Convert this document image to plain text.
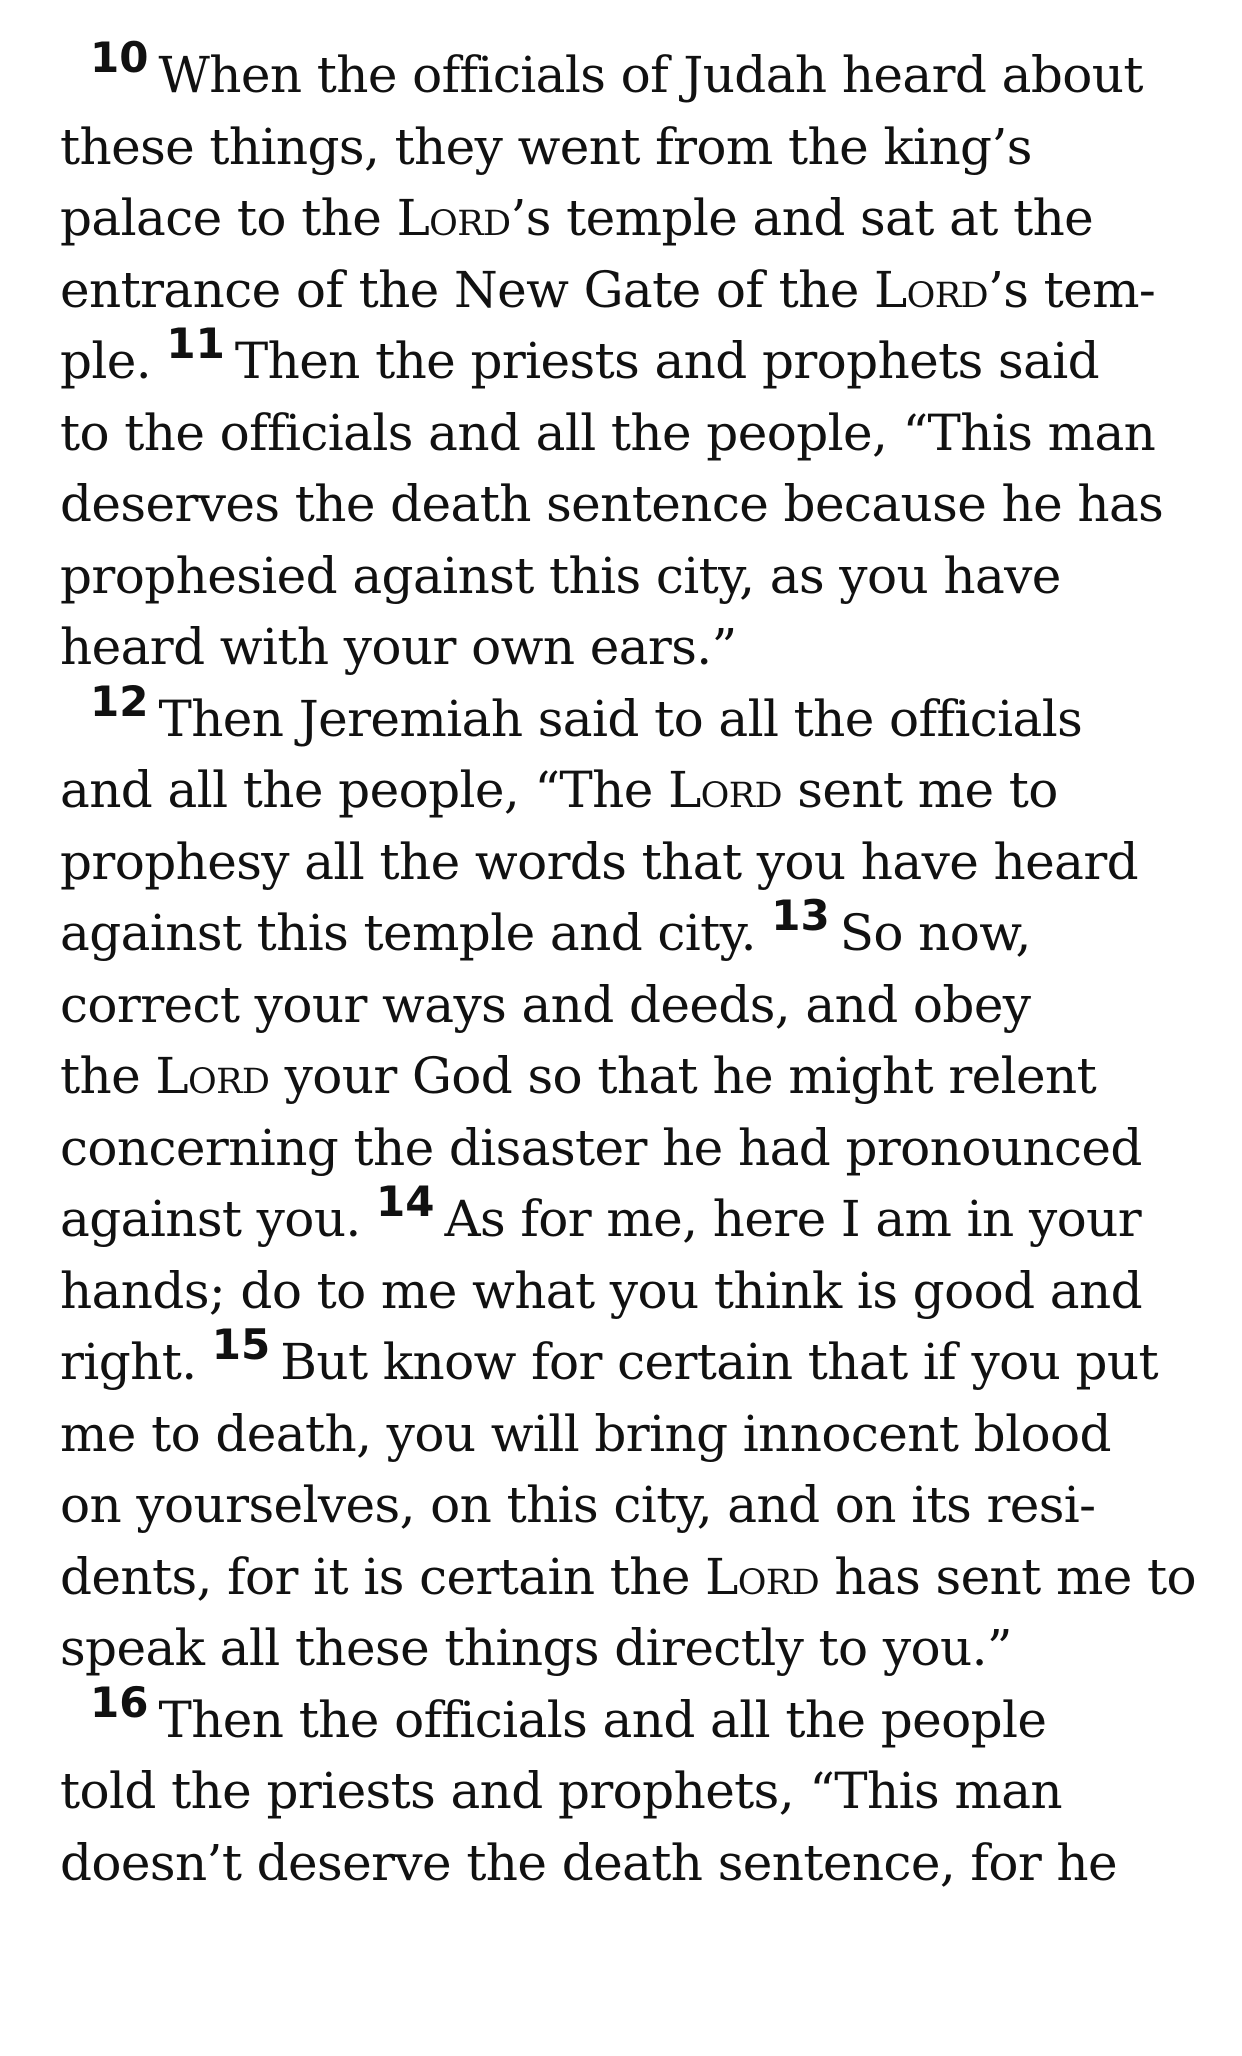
$^{10}$ When the officials of Judah heard about
these things, they went from the king’s
palace to the Lord’s temple and sat at the
entrance of the New Gate of the Lord’s tem-
ple. $^{11}$ Then the priests and prophets said
to the officials and all the people, “This man
deserves the death sentence because he has
prophesied against this city, as you have
heard with your own ears.”
$^{12}$ Then Jeremiah said to all the officials
and all the people, “The Lord sent me to
prophesy all the words that you have heard
against this temple and city. $^{13}$ So now,
correct your ways and deeds, and obey
the Lord your God so that he might relent
concerning the disaster he had pronounced
against you. $^{14}$ As for me, here I am in your
hands; do to me what you think is good and
right. $^{15}$ But know for certain that if you put
me to death, you will bring innocent blood
on yourselves, on this city, and on its resi-
dents, for it is certain the Lord has sent me to
speak all these things directly to you.”
$^{16}$ Then the officials and all the people
told the priests and prophets, “This man
doesn’t deserve the death sentence, for he
